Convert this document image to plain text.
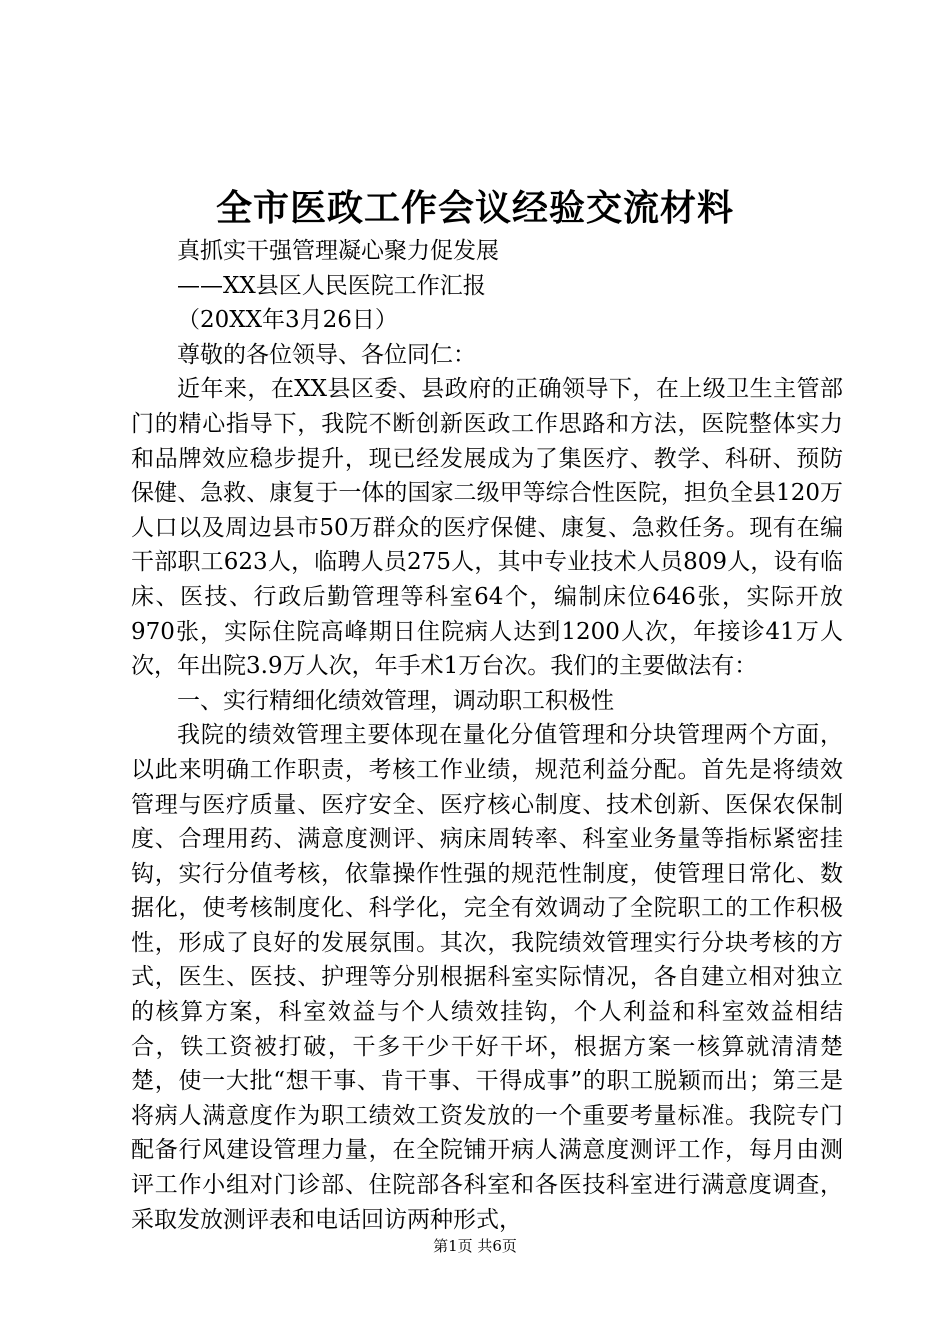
全市医政工作会议经验交流材料

真抓实干强管理凝心聚力促发展

——XX县区人民医院工作汇报

（20XX年3月26日）

尊敬的各位领导、各位同仁：

近年来，在XX县区委、县政府的正确领导下，在上级卫生主管部门的精心指导下，我院不断创新医政工作思路和方法，医院整体实力和品牌效应稳步提升，现已经发展成为了集医疗、教学、科研、预防保健、急救、康复于一体的国家二级甲等综合性医院，担负全县120万人口以及周边县市50万群众的医疗保健、康复、急救任务。现有在编干部职工623人，临聘人员275人，其中专业技术人员809人，设有临床、医技、行政后勤管理等科室64个，编制床位646张，实际开放970张，实际住院高峰期日住院病人达到1200人次，年接诊41万人次，年出院3.9万人次，年手术1万台次。我们的主要做法有：

一、实行精细化绩效管理，调动职工积极性

我院的绩效管理主要体现在量化分值管理和分块管理两个方面，以此来明确工作职责，考核工作业绩，规范利益分配。首先是将绩效管理与医疗质量、医疗安全、医疗核心制度、技术创新、医保农保制度、合理用药、满意度测评、病床周转率、科室业务量等指标紧密挂钩，实行分值考核，依靠操作性强的规范性制度，使管理日常化、数据化，使考核制度化、科学化，完全有效调动了全院职工的工作积极性，形成了良好的发展氛围。其次，我院绩效管理实行分块考核的方式，医生、医技、护理等分别根据科室实际情况，各自建立相对独立的核算方案，科室效益与个人绩效挂钩，个人利益和科室效益相结合，铁工资被打破，干多干少干好干坏，根据方案一核算就清清楚楚，使一大批“想干事、肯干事、干得成事”的职工脱颖而出；第三是将病人满意度作为职工绩效工资发放的一个重要考量标准。我院专门配备行风建设管理力量，在全院铺开病人满意度测评工作，每月由测评工作小组对门诊部、住院部各科室和各医技科室进行满意度调查，采取发放测评表和电话回访两种形式，

第1页 共6页
